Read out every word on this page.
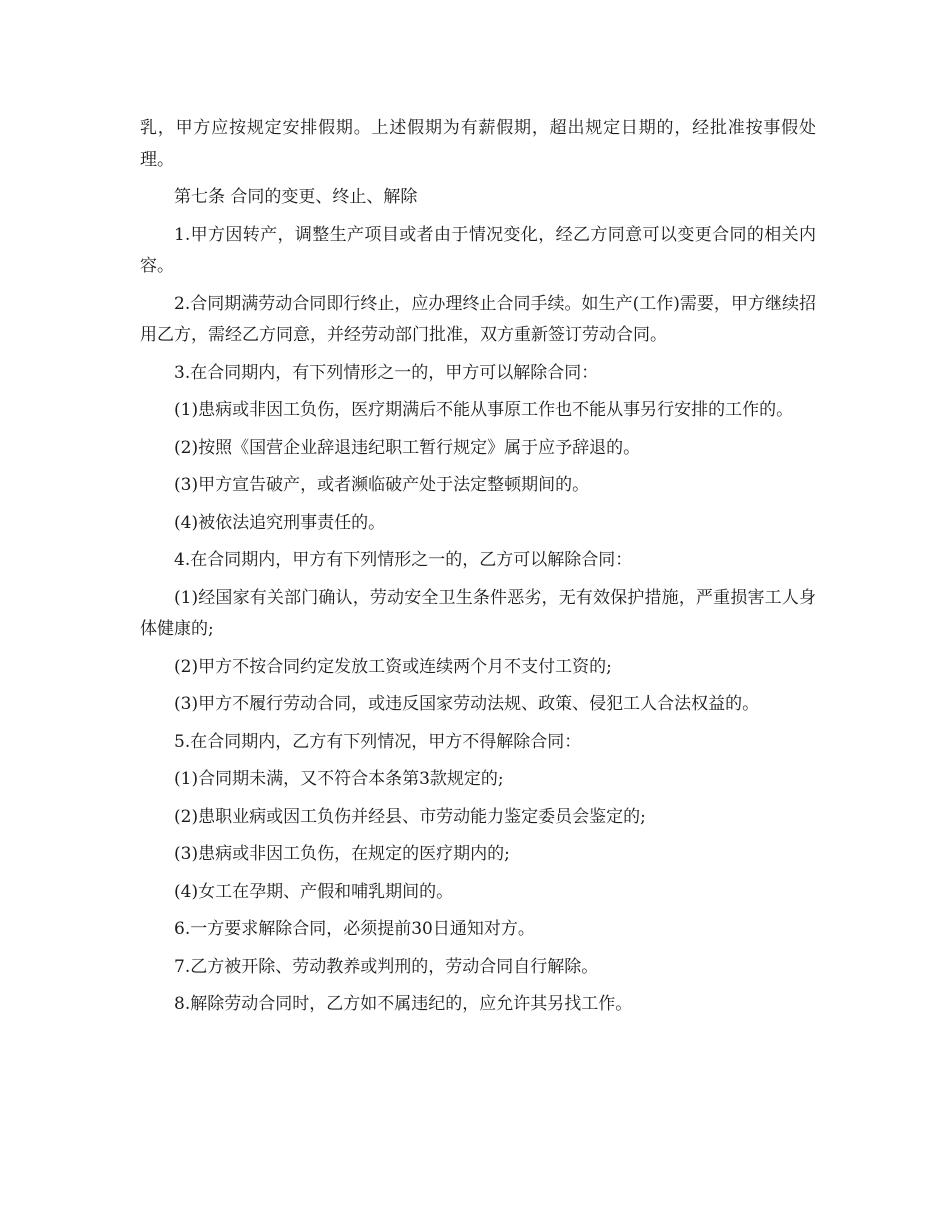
乳，甲方应按规定安排假期。上述假期为有薪假期，超出规定日期的，经批准按事假处理。

第七条 合同的变更、终止、解除

1.甲方因转产，调整生产项目或者由于情况变化，经乙方同意可以变更合同的相关内容。

2.合同期满劳动合同即行终止，应办理终止合同手续。如生产(工作)需要，甲方继续招用乙方，需经乙方同意，并经劳动部门批准，双方重新签订劳动合同。

3.在合同期内，有下列情形之一的，甲方可以解除合同：

(1)患病或非因工负伤，医疗期满后不能从事原工作也不能从事另行安排的工作的。

(2)按照《国营企业辞退违纪职工暂行规定》属于应予辞退的。

(3)甲方宣告破产，或者濒临破产处于法定整顿期间的。

(4)被依法追究刑事责任的。

4.在合同期内，甲方有下列情形之一的，乙方可以解除合同：

(1)经国家有关部门确认，劳动安全卫生条件恶劣，无有效保护措施，严重损害工人身体健康的;

(2)甲方不按合同约定发放工资或连续两个月不支付工资的;

(3)甲方不履行劳动合同，或违反国家劳动法规、政策、侵犯工人合法权益的。

5.在合同期内，乙方有下列情况，甲方不得解除合同：

(1)合同期未满，又不符合本条第3款规定的;

(2)患职业病或因工负伤并经县、市劳动能力鉴定委员会鉴定的;

(3)患病或非因工负伤，在规定的医疗期内的;

(4)女工在孕期、产假和哺乳期间的。

6.一方要求解除合同，必须提前30日通知对方。

7.乙方被开除、劳动教养或判刑的，劳动合同自行解除。

8.解除劳动合同时，乙方如不属违纪的，应允许其另找工作。
